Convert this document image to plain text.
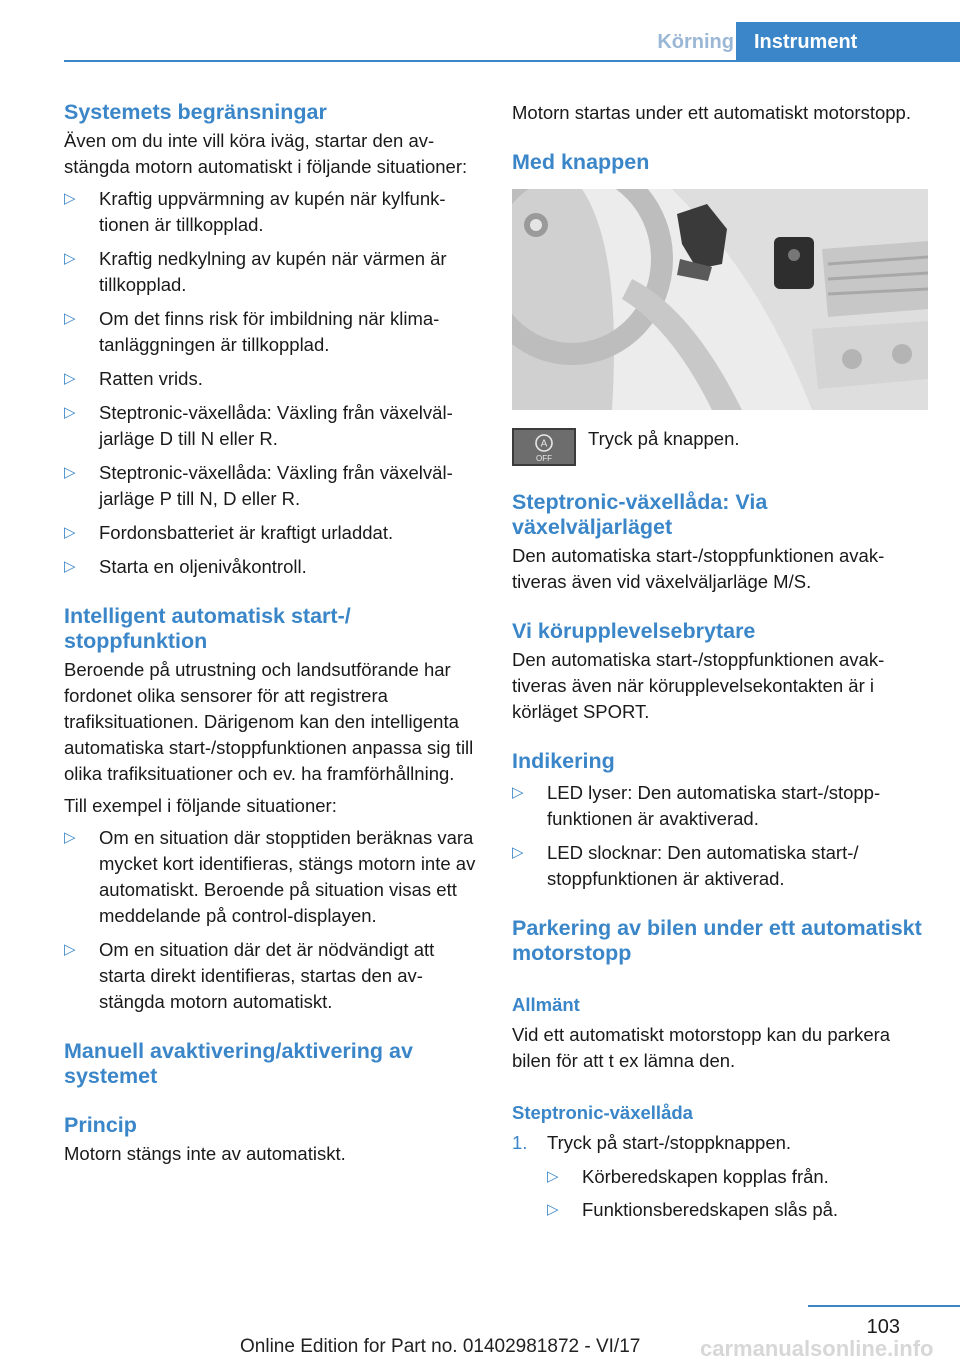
Körning	Instrument
Systemets begränsningar

Även om du inte vill köra iväg, startar den avstängda motorn automatiskt i följande situationer:

▷ Kraftig uppvärmning av kupén när kylfunktionen är tillkopplad.
▷ Kraftig nedkylning av kupén när värmen är tillkopplad.
▷ Om det finns risk för imbildning när klimatanläggningen är tillkopplad.
▷ Ratten vrids.
▷ Steptronic-växellåda: Växling från växelväljarläge D till N eller R.
▷ Steptronic-växellåda: Växling från växelväljarläge P till N, D eller R.
▷ Fordonsbatteriet är kraftigt urladdat.
▷ Starta en oljenivåkontroll.
Intelligent automatisk start-/ stoppfunktion

Beroende på utrustning och landsutförande har fordonet olika sensorer för att registrera trafiksituationen. Därigenom kan den intelligenta automatiska start-/stoppfunktionen anpassa sig till olika trafiksituationer och ev. ha framförhållning.

Till exempel i följande situationer:

▷ Om en situation där stopptiden beräknas vara mycket kort identifieras, stängs motorn inte av automatiskt. Beroende på situation visas ett meddelande på control-displayen.
▷ Om en situation där det är nödvändigt att starta direkt identifieras, startas den avstängda motorn automatiskt.
Manuell avaktivering/aktivering av systemet
Princip

Motorn stängs inte av automatiskt.

Motorn startas under ett automatiskt motorstopp.

Med knappen
A
OFF

Tryck på knappen.

Steptronic-växellåda: Via växelväljarläget

Den automatiska start-/stoppfunktionen avaktiveras även vid växelväljarläge M/S.

Vi körupplevelsebrytare

Den automatiska start-/stoppfunktionen avaktiveras även när körupplevelsekontakten är i körläget SPORT.

Indikering
▷ LED lyser: Den automatiska start-/stoppfunktionen är avaktiverad.
▷ LED slocknar: Den automatiska start-/ stoppfunktionen är aktiverad.
Parkering av bilen under ett automatiskt motorstopp
Allmänt

Vid ett automatiskt motorstopp kan du parkera bilen för att t ex lämna den.

Steptronic-växellåda
1. Tryck på start-/stoppknappen.
▷ Körberedskapen kopplas från.
▷ Funktionsberedskapen slås på.
103
carmanualsonline.info
Online Edition for Part no. 01402981872 - VI/17
